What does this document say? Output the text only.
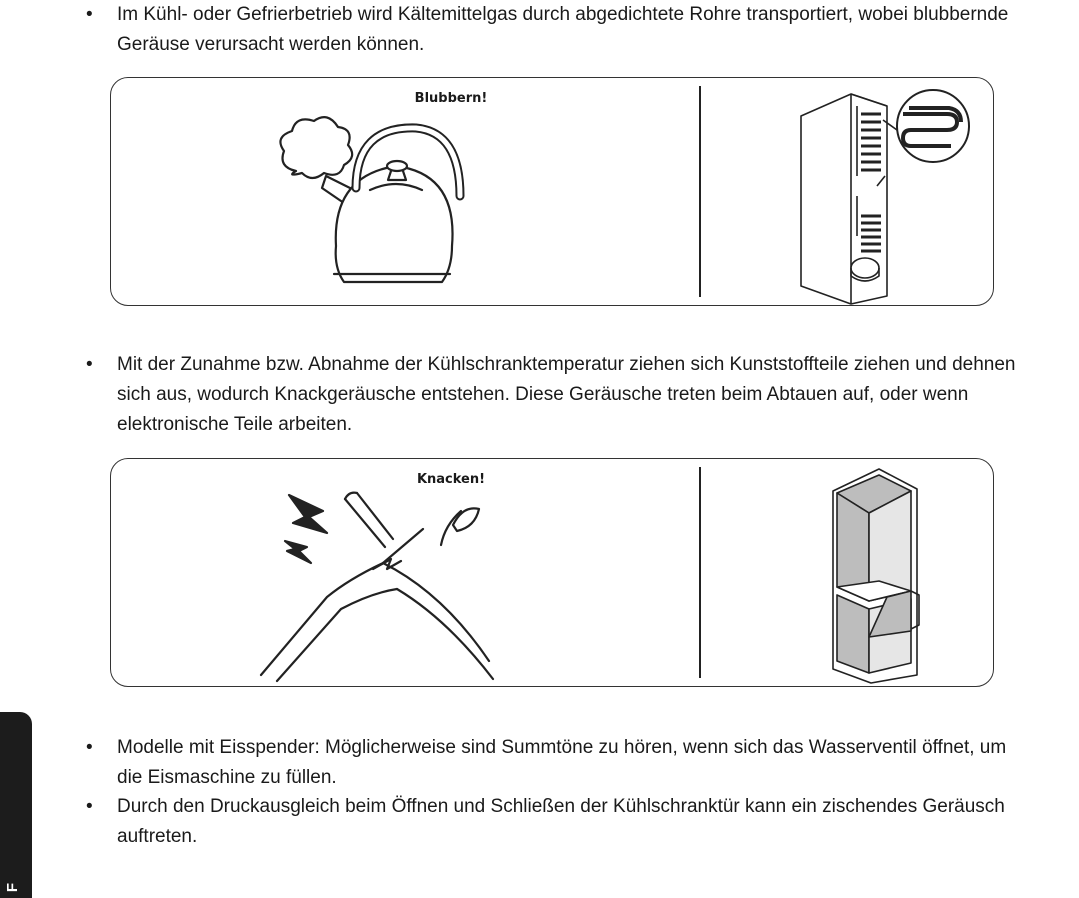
•	Im Kühl- oder Gefrierbetrieb wird Kältemittelgas durch abgedichtete Rohre transportiert, wobei blubbernde Geräuse verursacht werden können.
Blubbern!
•	Mit der Zunahme bzw. Abnahme der Kühlschranktemperatur ziehen sich Kunststoffteile ziehen und dehnen sich aus, wodurch Knackgeräusche entstehen. Diese Geräusche treten beim Abtauen auf, oder wenn elektronische Teile arbeiten.
Knacken!
•	Modelle mit Eisspender: Möglicherweise sind Summtöne zu hören, wenn sich das Wasserventil öffnet, um die Eismaschine zu füllen.
•	Durch den Druckausgleich beim Öffnen und Schließen der Kühlschranktür kann ein zischendes Geräusch auftreten.
F
